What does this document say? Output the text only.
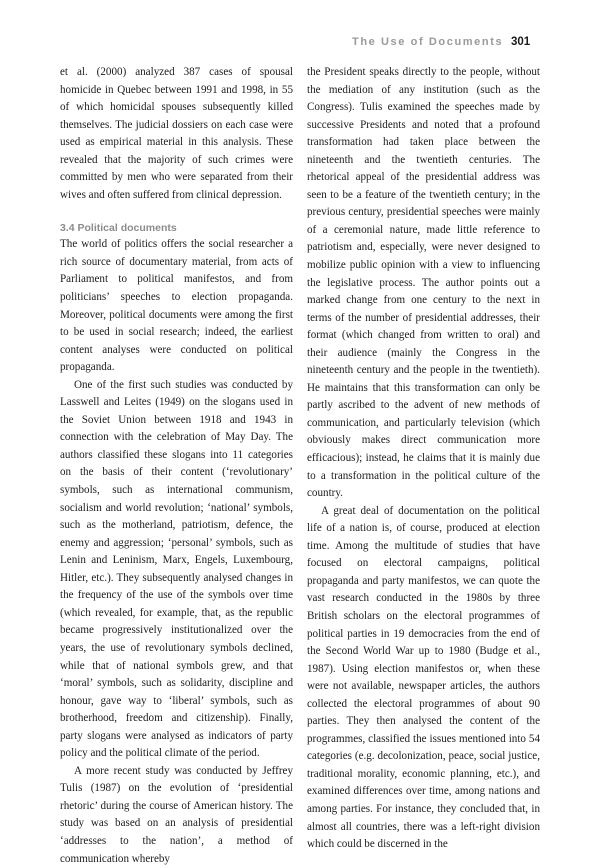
The Use of Documents 301

et al. (2000) analyzed 387 cases of spousal homicide in Quebec between 1991 and 1998, in 55 of which homicidal spouses subsequently killed themselves. The judicial dossiers on each case were used as empirical material in this analysis. These revealed that the majority of such crimes were committed by men who were separated from their wives and often suffered from clinical depression.

3.4 Political documents

The world of politics offers the social researcher a rich source of documentary material, from acts of Parliament to political manifestos, and from politicians’ speeches to election propaganda. Moreover, political documents were among the first to be used in social research; indeed, the earliest content analyses were conducted on political propaganda.

One of the first such studies was conducted by Lasswell and Leites (1949) on the slogans used in the Soviet Union between 1918 and 1943 in connection with the celebration of May Day. The authors classified these slogans into 11 categories on the basis of their content (‘revolutionary’ symbols, such as international communism, socialism and world revolution; ‘national’ symbols, such as the motherland, patriotism, defence, the enemy and aggression; ‘personal’ symbols, such as Lenin and Leninism, Marx, Engels, Luxembourg, Hitler, etc.). They subsequently analysed changes in the frequency of the use of the symbols over time (which revealed, for example, that, as the republic became progressively institutionalized over the years, the use of revolutionary symbols declined, while that of national symbols grew, and that ‘moral’ symbols, such as solidarity, discipline and honour, gave way to ‘liberal’ symbols, such as brotherhood, freedom and citizenship). Finally, party slogans were analysed as indicators of party policy and the political climate of the period.

A more recent study was conducted by Jeffrey Tulis (1987) on the evolution of ‘presidential rhetoric’ during the course of American history. The study was based on an analysis of presidential ‘addresses to the nation’, a method of communication whereby

the President speaks directly to the people, without the mediation of any institution (such as the Congress). Tulis examined the speeches made by successive Presidents and noted that a profound transformation had taken place between the nineteenth and the twentieth centuries. The rhetorical appeal of the presidential address was seen to be a feature of the twentieth century; in the previous century, presidential speeches were mainly of a ceremonial nature, made little reference to patriotism and, especially, were never designed to mobilize public opinion with a view to influencing the legislative process. The author points out a marked change from one century to the next in terms of the number of presidential addresses, their format (which changed from written to oral) and their audience (mainly the Congress in the nineteenth century and the people in the twentieth). He maintains that this transformation can only be partly ascribed to the advent of new methods of communication, and particularly television (which obviously makes direct communication more efficacious); instead, he claims that it is mainly due to a transformation in the political culture of the country.

A great deal of documentation on the political life of a nation is, of course, produced at election time. Among the multitude of studies that have focused on electoral campaigns, political propaganda and party manifestos, we can quote the vast research conducted in the 1980s by three British scholars on the electoral programmes of political parties in 19 democracies from the end of the Second World War up to 1980 (Budge et al., 1987). Using election manifestos or, when these were not available, newspaper articles, the authors collected the electoral programmes of about 90 parties. They then analysed the content of the programmes, classified the issues mentioned into 54 categories (e.g. decolonization, peace, social justice, traditional morality, economic planning, etc.), and examined differences over time, among nations and among parties. For instance, they concluded that, in almost all countries, there was a left-right division which could be discerned in the
